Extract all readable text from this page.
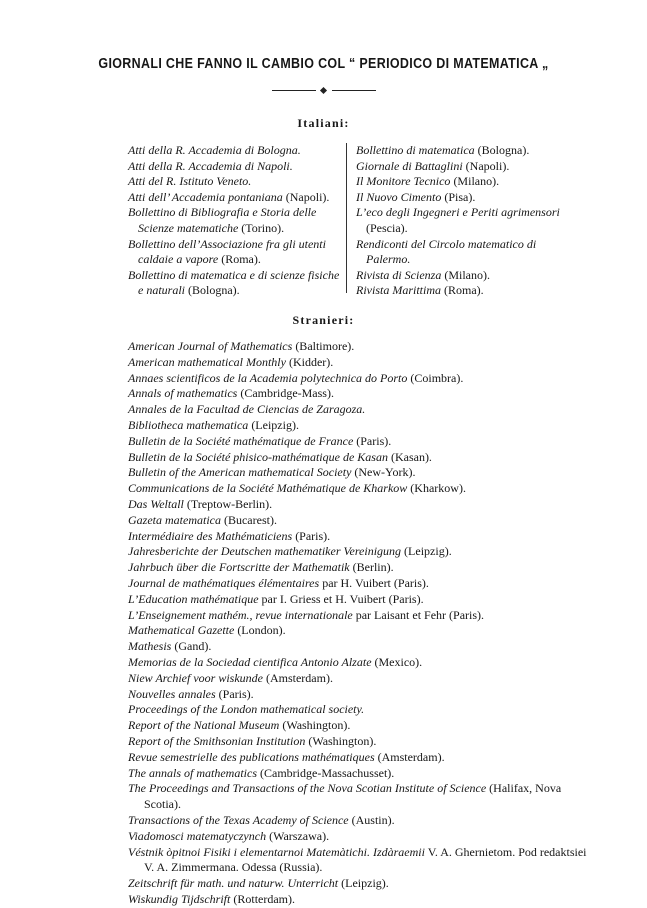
GIORNALI CHE FANNO IL CAMBIO COL “ PERIODICO DI MATEMATICA „
Italiani:
Atti della R. Accademia di Bologna.
Atti della R. Accademia di Napoli.
Atti del R. Istituto Veneto.
Atti dell’ Accademia pontaniana (Napoli).
Bollettino di Bibliografia e Storia delle Scienze matematiche (Torino).
Bollettino dell’Associazione fra gli utenti caldaie a vapore (Roma).
Bollettino di matematica e di scienze fisiche e naturali (Bologna).
Bollettino di matematica (Bologna).
Giornale di Battaglini (Napoli).
Il Monitore Tecnico (Milano).
Il Nuovo Cimento (Pisa).
L’eco degli Ingegneri e Periti agrimensori (Pescia).
Rendiconti del Circolo matematico di Palermo.
Rivista di Scienza (Milano).
Rivista Marittima (Roma).
Stranieri:
American Journal of Mathematics (Baltimore).
American mathematical Monthly (Kidder).
Annaes scientificos de la Academia polytechnica do Porto (Coimbra).
Annals of mathematics (Cambridge-Mass).
Annales de la Facultad de Ciencias de Zaragoza.
Bibliotheca mathematica (Leipzig).
Bulletin de la Société mathématique de France (Paris).
Bulletin de la Société phisico-mathématique de Kasan (Kasan).
Bulletin of the American mathematical Society (New-York).
Communications de la Société Mathématique de Kharkow (Kharkow).
Das Weltall (Treptow-Berlin).
Gazeta matematica (Bucarest).
Intermédiaire des Mathématiciens (Paris).
Jahresberichte der Deutschen mathematiker Vereinigung (Leipzig).
Jahrbuch über die Fortscritte der Mathematik (Berlin).
Journal de mathématiques élémentaires par H. Vuibert (Paris).
L’Education mathématique par I. Griess et H. Vuibert (Paris).
L’Enseignement mathém., revue internationale par Laisant et Fehr (Paris).
Mathematical Gazette (London).
Mathesis (Gand).
Memorias de la Sociedad cientifica Antonio Alzate (Mexico).
Niew Archief voor wiskunde (Amsterdam).
Nouvelles annales (Paris).
Proceedings of the London mathematical society.
Report of the National Museum (Washington).
Report of the Smithsonian Institution (Washington).
Revue semestrielle des publications mathématiques (Amsterdam).
The annals of mathematics (Cambridge-Massachusset).
The Proceedings and Transactions of the Nova Scotian Institute of Science (Halifax, Nova Scotia).
Transactions of the Texas Academy of Science (Austin).
Viadomosci matematyczynch (Warszawa).
Véstnik òpitnoi Fisiki i elementarnoi Matemàtichi. Izdàraemii V. A. Ghernietom. Pod redaktsiei V. A. Zimmermana. Odessa (Russia).
Zeitschrift für math. und naturw. Unterricht (Leipzig).
Wiskundig Tijdschrift (Rotterdam).
